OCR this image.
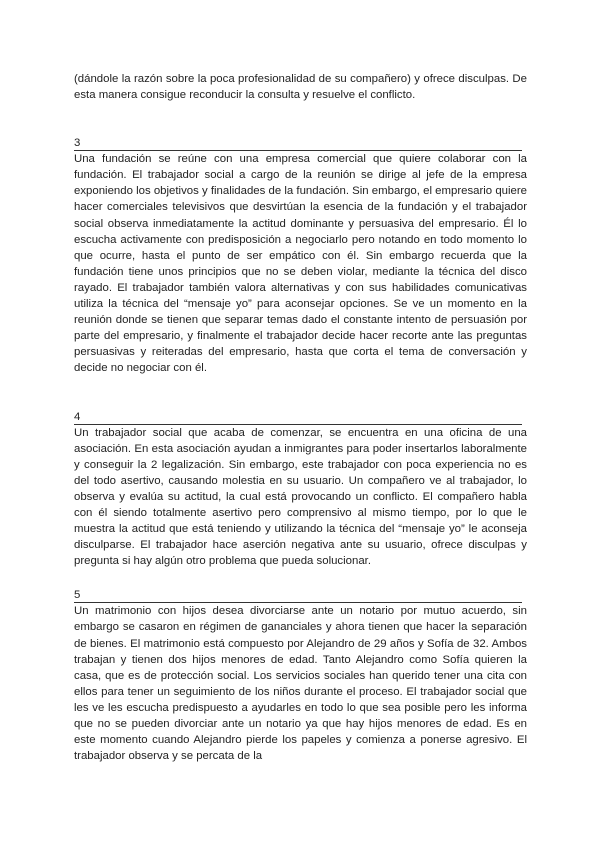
(dándole la razón sobre la poca profesionalidad de su compañero) y ofrece disculpas. De esta manera consigue reconducir la consulta y resuelve el conflicto.

3

Una fundación se reúne con una empresa comercial que quiere colaborar con la fundación. El trabajador social a cargo de la reunión se dirige al jefe de la empresa exponiendo los objetivos y finalidades de la fundación. Sin embargo, el empresario quiere hacer comerciales televisivos que desvirtúan la esencia de la fundación y el trabajador social observa inmediatamente la actitud dominante y persuasiva del empresario. Él lo escucha activamente con predisposición a negociarlo pero notando en todo momento lo que ocurre, hasta el punto de ser empático con él. Sin embargo recuerda que la fundación tiene unos principios que no se deben violar, mediante la técnica del disco rayado. El trabajador también valora alternativas y con sus habilidades comunicativas utiliza la técnica del “mensaje yo” para aconsejar opciones. Se ve un momento en la reunión donde se tienen que separar temas dado el constante intento de persuasión por parte del empresario, y finalmente el trabajador decide hacer recorte ante las preguntas persuasivas y reiteradas del empresario, hasta que corta el tema de conversación y decide no negociar con él.

4

Un trabajador social que acaba de comenzar, se encuentra en una oficina de una asociación. En esta asociación ayudan a inmigrantes para poder insertarlos laboralmente y conseguir la 2 legalización. Sin embargo, este trabajador con poca experiencia no es del todo asertivo, causando molestia en su usuario. Un compañero ve al trabajador, lo observa y evalúa su actitud, la cual está provocando un conflicto. El compañero habla con él siendo totalmente asertivo pero comprensivo al mismo tiempo, por lo que le muestra la actitud que está teniendo y utilizando la técnica del “mensaje yo” le aconseja disculparse. El trabajador hace aserción negativa ante su usuario, ofrece disculpas y pregunta si hay algún otro problema que pueda solucionar.

5

Un matrimonio con hijos desea divorciarse ante un notario por mutuo acuerdo, sin embargo se casaron en régimen de gananciales y ahora tienen que hacer la separación de bienes. El matrimonio está compuesto por Alejandro de 29 años y Sofía de 32. Ambos trabajan y tienen dos hijos menores de edad. Tanto Alejandro como Sofía quieren la casa, que es de protección social. Los servicios sociales han querido tener una cita con ellos para tener un seguimiento de los niños durante el proceso. El trabajador social que les ve les escucha predispuesto a ayudarles en todo lo que sea posible pero les informa que no se pueden divorciar ante un notario ya que hay hijos menores de edad. Es en este momento cuando Alejandro pierde los papeles y comienza a ponerse agresivo. El trabajador observa y se percata de la
